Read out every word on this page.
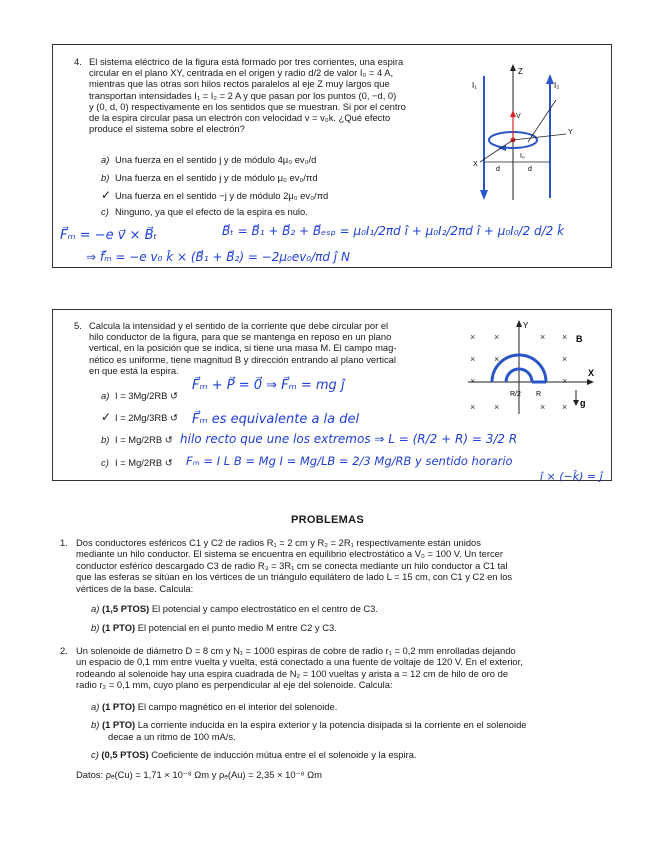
4. El sistema eléctrico de la figura está formado por tres corrientes, una espira
circular en el plano XY, centrada en el origen y radio d/2 de valor I₀ = 4 A,
mientras que las otras son hilos rectos paralelos al eje Z muy largos que
transportan intensidades I₁ = I₂ = 2 A y que pasan por los puntos (0, −d, 0)
y (0, d, 0) respectivamente en los sentidos que se muestran. Si por el centro
de la espira circular pasa un electrón con velocidad v = v₀k. ¿Qué efecto
produce el sistema sobre el electrón?
a) Una fuerza en el sentido j y de módulo 4μ₀ ev₀/d
b) Una fuerza en el sentido j y de módulo μ₀ ev₀/πd
✓ Una fuerza en el sentido −j y de módulo 2μ₀ ev₀/πd
c) Ninguno, ya que el efecto de la espira es nulo.
Z
I₁	I₂
I₀
V
X
Y
d	d
F⃗ₘ = −e v⃗ × B⃗ₜ	B⃗ₜ = B⃗₁ + B⃗₂ + B⃗ₑₛₚ = μ₀I₁/2πd î + μ₀I₂/2πd î + μ₀I₀/2 d/2 k̂
⇒ f⃗ₘ = −e v₀ k̂ × (B⃗₁ + B⃗₂) = −2μ₀ev₀/πd ĵ N
5. Calcula la intensidad y el sentido de la corriente que debe circular por el
hilo conductor de la figura, para que se mantenga en reposo en un plano
vertical, en la posición que se indica, si tiene una masa M. El campo mag-
nético es uniforme, tiene magnitud B y dirección entrando al plano vertical
en que está la espira.
a) I = 3Mg/2RB ↺
✓ I = 2Mg/3RB ↺
b) I = Mg/2RB ↺
c) I = Mg/2RB ↺
× ×	× ×
× ×	×
×	×
× ×	× ×
Y
X
R/2 R
B
g
F⃗ₘ + P⃗ = 0⃗ ⇒ F⃗ₘ = mg ĵ
F⃗ₘ es equivalente a la del
hilo recto que une los extremos ⇒ L = (R/2 + R) = 3/2 R
Fₘ = I L B = Mg I = Mg/LB = 2/3 Mg/RB y sentido horario
î × (−k̂) = ĵ
PROBLEMAS
1. Dos conductores esféricos C1 y C2 de radios R₁ = 2 cm y R₂ = 2R₁ respectivamente están unidos
mediante un hilo conductor. El sistema se encuentra en equilibrio electrostático a V₀ = 100 V. Un tercer
conductor esférico descargado C3 de radio R₃ = 3R₁ cm se conecta mediante un hilo conductor a C1 tal
que las esferas se sitúan en los vértices de un triángulo equilátero de lado L = 15 cm, con C1 y C2 en los
vértices de la base. Calcula:
a) (1,5 PTOS) El potencial y campo electrostático en el centro de C3.
b) (1 PTO) El potencial en el punto medio M entre C2 y C3.
2. Un solenoide de diámetro D = 8 cm y N₁ = 1000 espiras de cobre de radio r₁ = 0,2 mm enrolladas dejando
un espacio de 0,1 mm entre vuelta y vuelta, está conectado a una fuente de voltaje de 120 V. En el exterior,
rodeando al solenoide hay una espira cuadrada de N₂ = 100 vueltas y arista a = 12 cm de hilo de oro de
radio r₂ = 0,1 mm, cuyo plano es perpendicular al eje del solenoide. Calcula:
a) (1 PTO) El campo magnético en el interior del solenoide.
b) (1 PTO) La corriente inducida en la espira exterior y la potencia disipada si la corriente en el solenoide
decae a un ritmo de 100 mA/s.
c) (0,5 PTOS) Coeficiente de inducción mútua entre el el solenoide y la espira.
Datos: ρₑ(Cu) = 1,71 × 10⁻⁸ Ωm y ρₑ(Au) = 2,35 × 10⁻⁸ Ωm
